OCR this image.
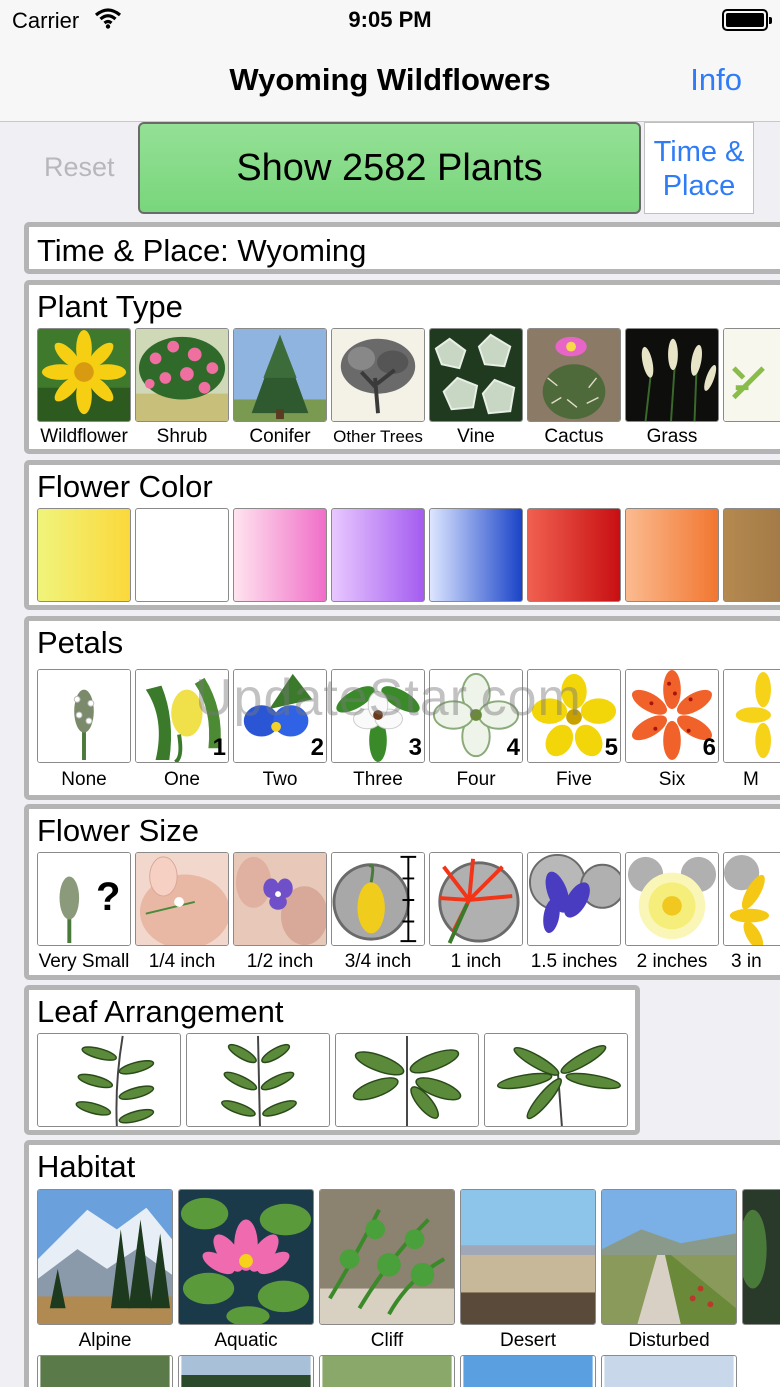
Carrier	9:05 PM
Wyoming Wildflowers	Info
Reset	Show 2582 Plants	Time &
Place
Time & Place: Wyoming
Plant Type
Wildflower	Shrub	Conifer	Other Trees	Vine	Cactus	Grass
Flower Color
Petals
1	2	3	4	5	6
None	One	Two	Three	Four	Five	Six	M
Flower Size
?
Very Small	1/4 inch	1/2 inch	3/4 inch	1 inch	1.5 inches	2 inches	3 in
Leaf Arrangement
Habitat
Alpine	Aquatic	Cliff	Desert	Disturbed
UpdateStar.com
